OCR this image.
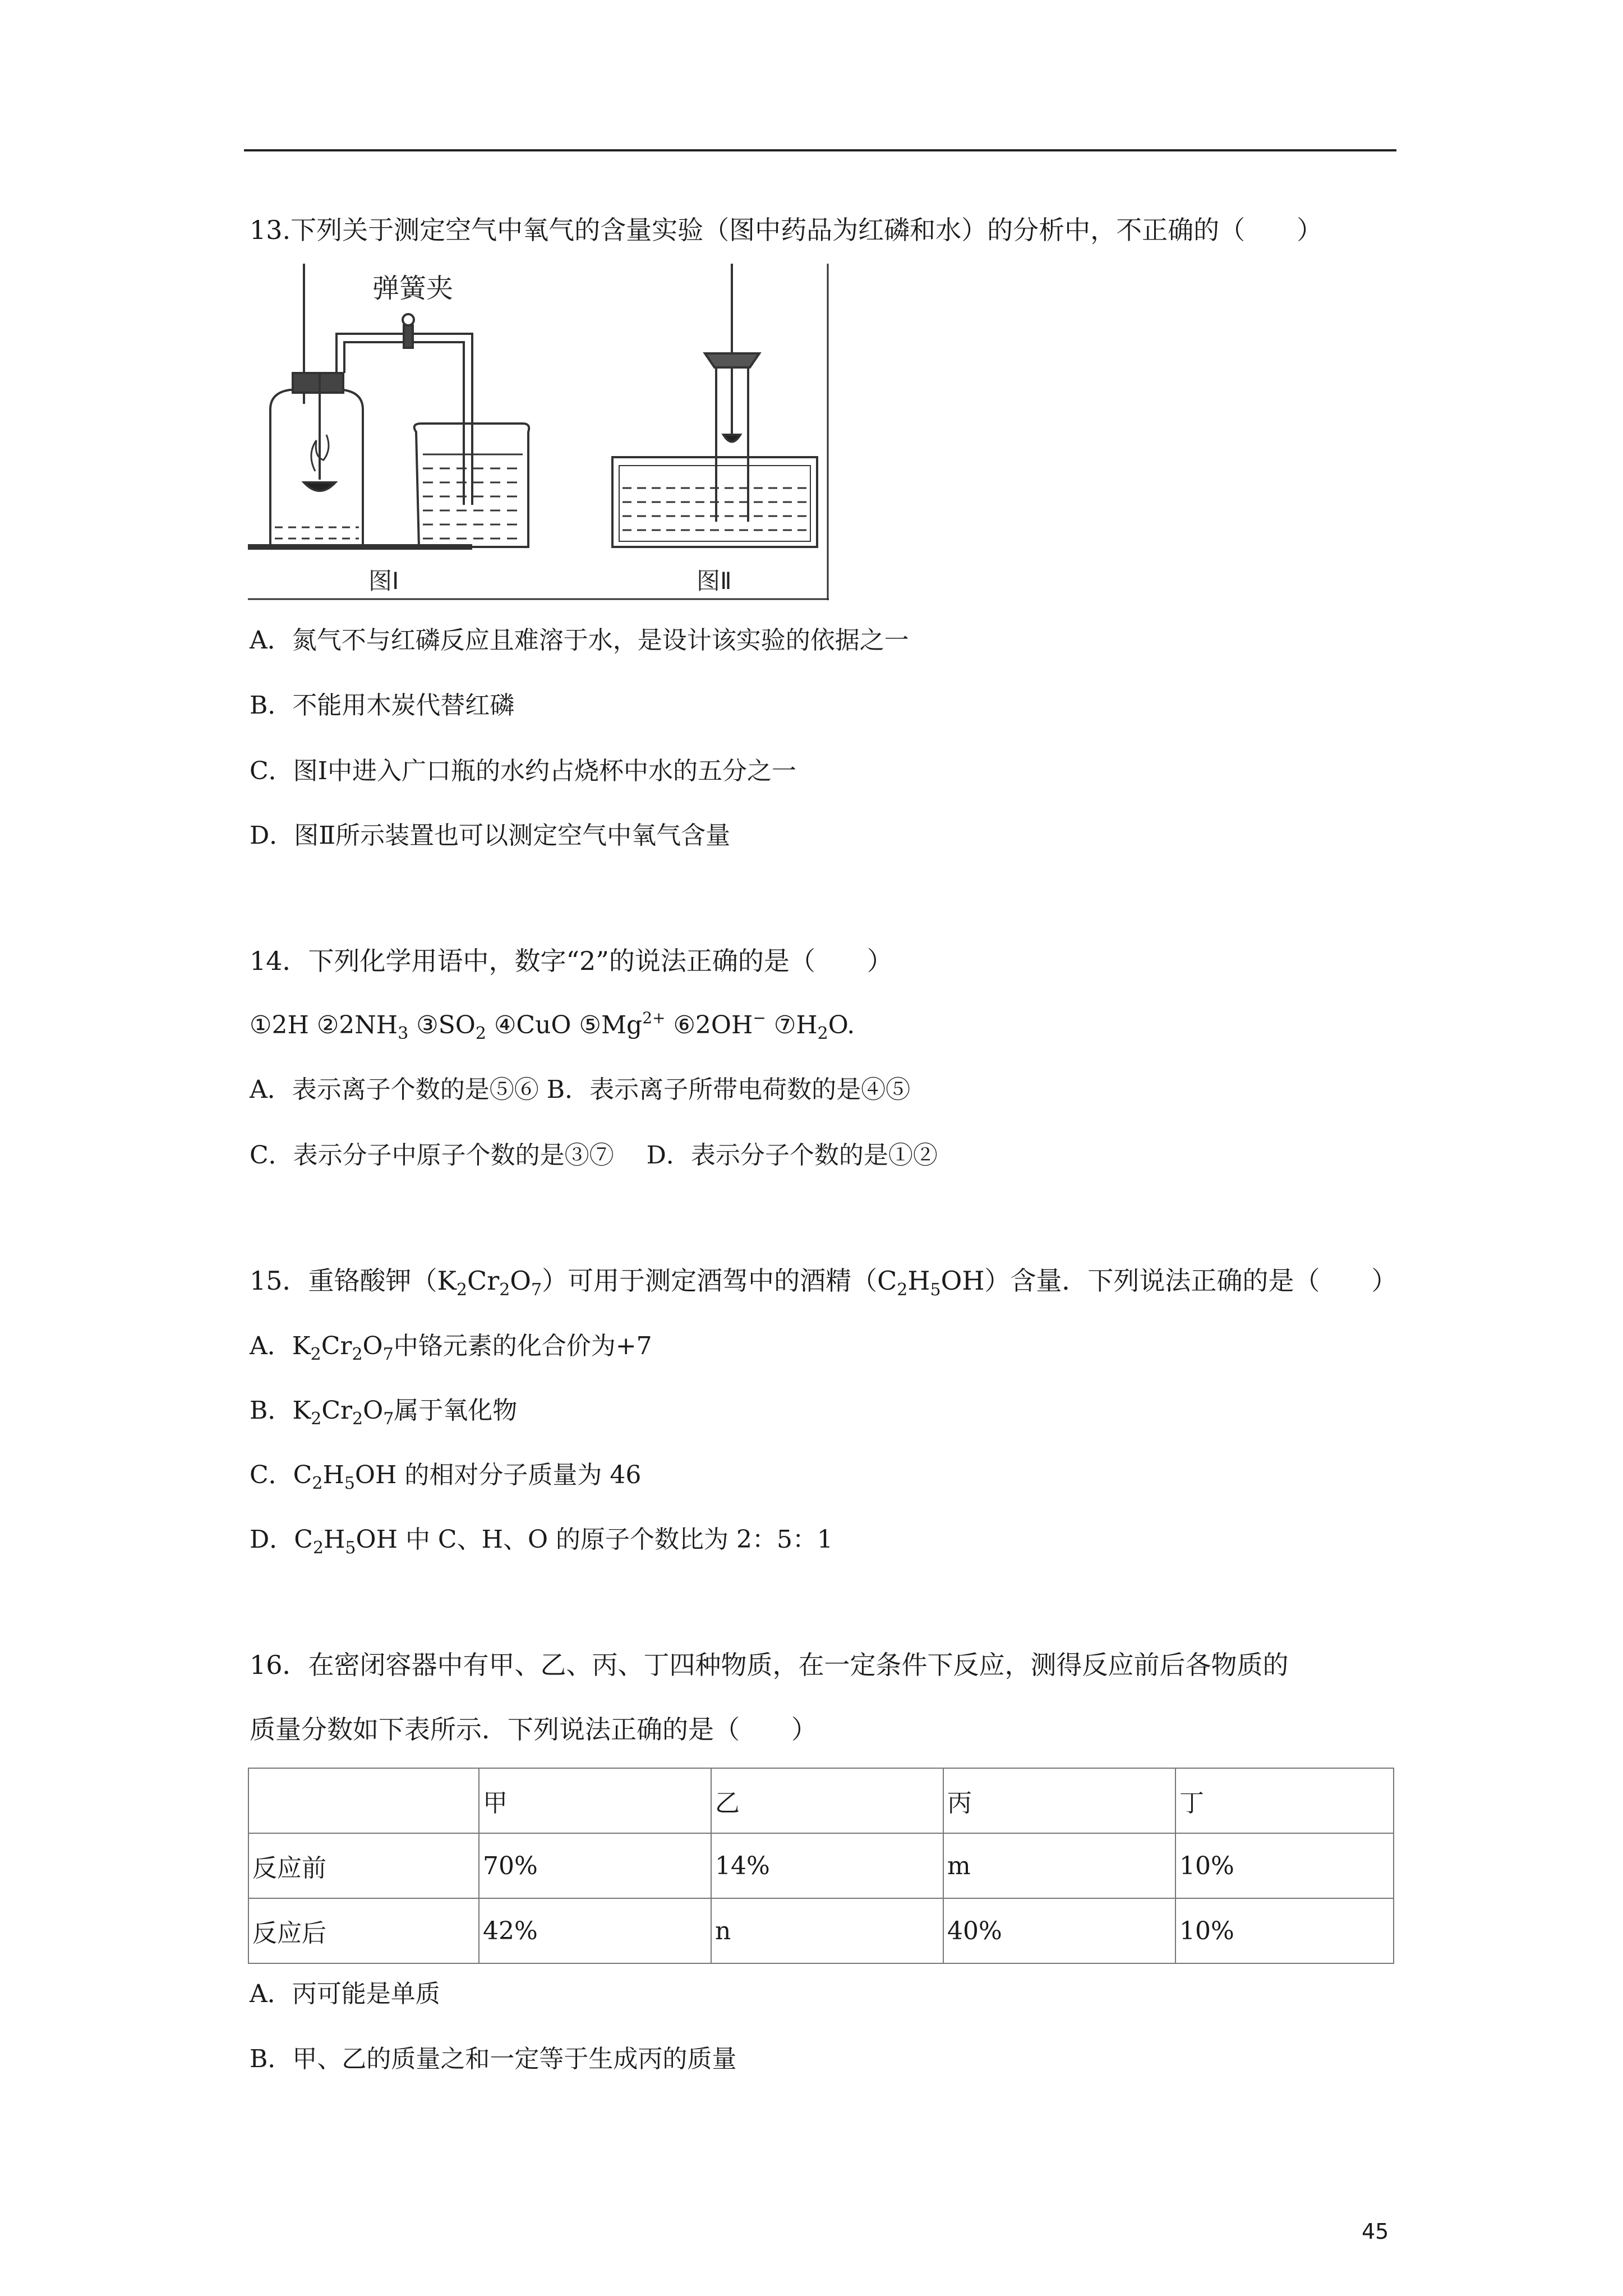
13.下列关于测定空气中氧气的含量实验（图中药品为红磷和水）的分析中，不正确的（　　）
弹簧夹
图Ⅰ	图Ⅱ
A．氮气不与红磷反应且难溶于水，是设计该实验的依据之一
B．不能用木炭代替红磷
C．图Ⅰ中进入广口瓶的水约占烧杯中水的五分之一
D．图Ⅱ所示装置也可以测定空气中氧气含量
14．下列化学用语中，数字“2”的说法正确的是（　　）
①2H $②2NH_3$ $③SO_2$ ④CuO $⑤Mg^{2+}$ ⑥2OH− $⑦H_2O$.
A．表示离子个数的是⑤⑥ B．表示离子所带电荷数的是④⑤
C．表示分子中原子个数的是③⑦　 D．表示分子个数的是①②
15．重铬酸钾$(K_2Cr_2O_7)$可用于测定酒驾中的酒精$(C_2H_5OH)$含量．下列说法正确的是（　　）
A．$K_2Cr_2O_7$中铬元素的化合价为+7
B．$K_2Cr_2O_7$属于氧化物
C．$C_2H_5OH$ 的相对分子质量为 46
D．$C_2H_5OH$ 中 C、H、O 的原子个数比为 2：5：1
16．在密闭容器中有甲、乙、丙、丁四种物质，在一定条件下反应，测得反应前后各物质的
质量分数如下表所示．下列说法正确的是（　　）
	甲	乙	丙	丁
反应前	70%	14%	m	10%
反应后	42%	n	40%	10%
A．丙可能是单质
B．甲、乙的质量之和一定等于生成丙的质量
45
